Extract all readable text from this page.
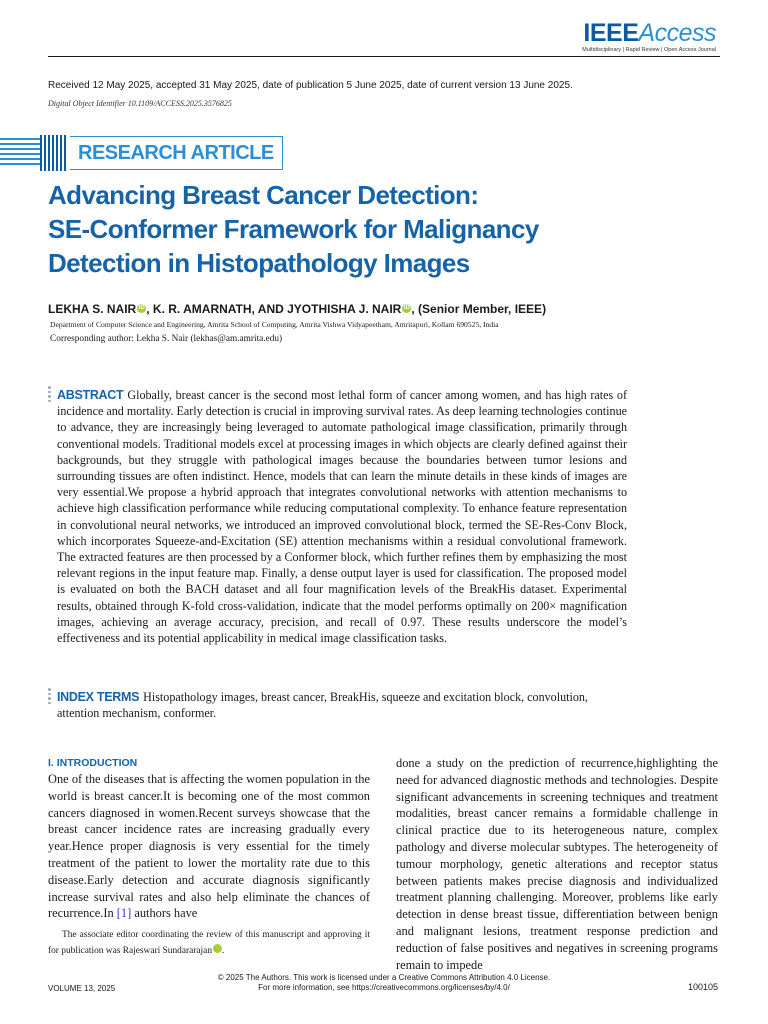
IEEEAccess
Multidisciplinary | Rapid Review | Open Access Journal
Received 12 May 2025, accepted 31 May 2025, date of publication 5 June 2025, date of current version 13 June 2025.
Digital Object Identifier 10.1109/ACCESS.2025.3576825
RESEARCH ARTICLE
Advancing Breast Cancer Detection:
SE-Conformer Framework for Malignancy
Detection in Histopathology Images
LEKHA S. NAIR iD , K. R. AMARNATH, AND JYOTHISHA J. NAIR iD , (Senior Member, IEEE)
Department of Computer Science and Engineering, Amrita School of Computing, Amrita Vishwa Vidyapeetham, Amritapuri, Kollam 690525, India
Corresponding author: Lekha S. Nair (lekhas@am.amrita.edu)
ABSTRACT Globally, breast cancer is the second most lethal form of cancer among women, and has high rates of incidence and mortality. Early detection is crucial in improving survival rates. As deep learning technologies continue to advance, they are increasingly being leveraged to automate pathological image classification, primarily through conventional models. Traditional models excel at processing images in which objects are clearly defined against their backgrounds, but they struggle with pathological images because the boundaries between tumor lesions and surrounding tissues are often indistinct. Hence, models that can learn the minute details in these kinds of images are very essential.We propose a hybrid approach that integrates convolutional networks with attention mechanisms to achieve high classification performance while reducing computational complexity. To enhance feature representation in convolutional neural networks, we introduced an improved convolutional block, termed the SE-Res-Conv Block, which incorporates Squeeze-and-Excitation (SE) attention mechanisms within a residual convolutional framework. The extracted features are then processed by a Conformer block, which further refines them by emphasizing the most relevant regions in the input feature map. Finally, a dense output layer is used for classification. The proposed model is evaluated on both the BACH dataset and all four magnification levels of the BreakHis dataset. Experimental results, obtained through K-fold cross-validation, indicate that the model performs optimally on 200× magnification images, achieving an average accuracy, precision, and recall of 0.97. These results underscore the model’s effectiveness and its potential applicability in medical image classification tasks.
INDEX TERMS Histopathology images, breast cancer, BreakHis, squeeze and excitation block, convolution, attention mechanism, conformer.
I. INTRODUCTION
One of the diseases that is affecting the women population in the world is breast cancer.It is becoming one of the most common cancers diagnosed in women.Recent surveys showcase that the breast cancer incidence rates are increasing gradually every year.Hence proper diagnosis is very essential for the timely treatment of the patient to lower the mortality rate due to this disease.Early detection and accurate diagnosis significantly increase survival rates and also help eliminate the chances of recurrence.In [1] authors have
done a study on the prediction of recurrence,highlighting the need for advanced diagnostic methods and technologies. Despite significant advancements in screening techniques and treatment modalities, breast cancer remains a formidable challenge in clinical practice due to its heterogeneous nature, complex pathology and diverse molecular subtypes. The heterogeneity of tumour morphology, genetic alterations and receptor status between patients makes precise diagnosis and individualized treatment planning challenging. Moreover, problems like early detection in dense breast tissue, differentiation between benign and malignant lesions, treatment response prediction and reduction of false positives and negatives in screening programs remain to impede
The associate editor coordinating the review of this manuscript and approving it for publication was Rajeswari Sundararajan	iD.
© 2025 The Authors. This work is licensed under a Creative Commons Attribution 4.0 License.
For more information, see https://creativecommons.org/licenses/by/4.0/
VOLUME 13, 2025	100105
